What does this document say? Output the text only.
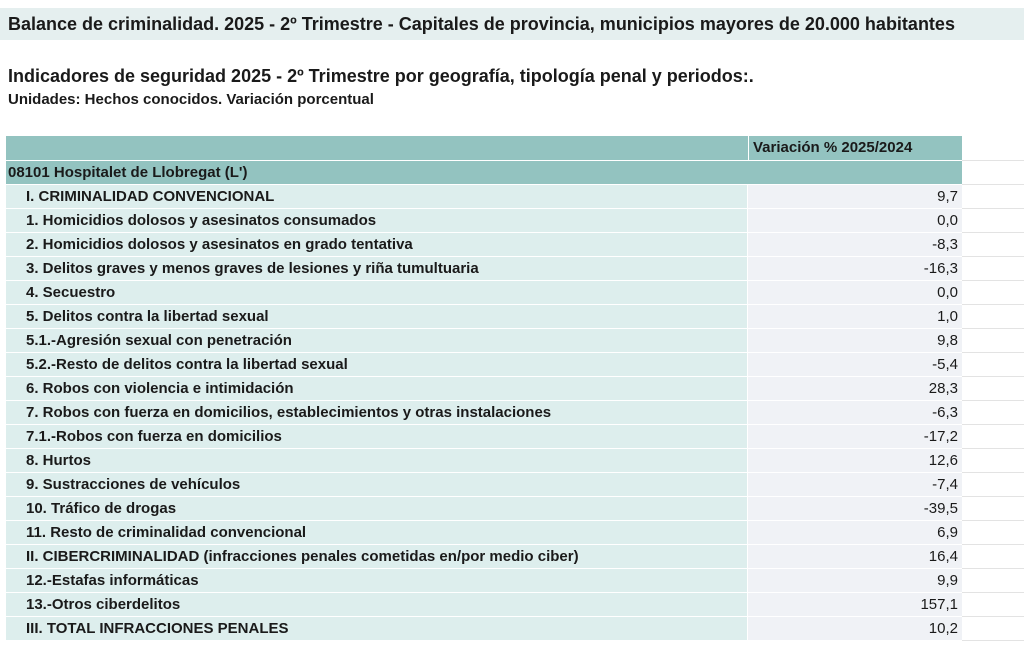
Balance de criminalidad. 2025 - 2º Trimestre - Capitales de provincia, municipios mayores de 20.000 habitantes
Indicadores de seguridad 2025 - 2º Trimestre por geografía, tipología penal y periodos:.
Unidades: Hechos conocidos. Variación porcentual
Variación % 2025/2024
08101 Hospitalet de Llobregat (L')
I. CRIMINALIDAD CONVENCIONAL	9,7
1. Homicidios dolosos y asesinatos consumados	0,0
2. Homicidios dolosos y asesinatos en grado tentativa	-8,3
3. Delitos graves y menos graves de lesiones y riña tumultuaria	-16,3
4. Secuestro	0,0
5. Delitos contra la libertad sexual	1,0
5.1.-Agresión sexual con penetración	9,8
5.2.-Resto de delitos contra la libertad sexual	-5,4
6. Robos con violencia e intimidación	28,3
7. Robos con fuerza en domicilios, establecimientos y otras instalaciones	-6,3
7.1.-Robos con fuerza en domicilios	-17,2
8. Hurtos	12,6
9. Sustracciones de vehículos	-7,4
10. Tráfico de drogas	-39,5
11. Resto de criminalidad convencional	6,9
II. CIBERCRIMINALIDAD (infracciones penales cometidas en/por medio ciber)	16,4
12.-Estafas informáticas	9,9
13.-Otros ciberdelitos	157,1
III. TOTAL INFRACCIONES PENALES	10,2
